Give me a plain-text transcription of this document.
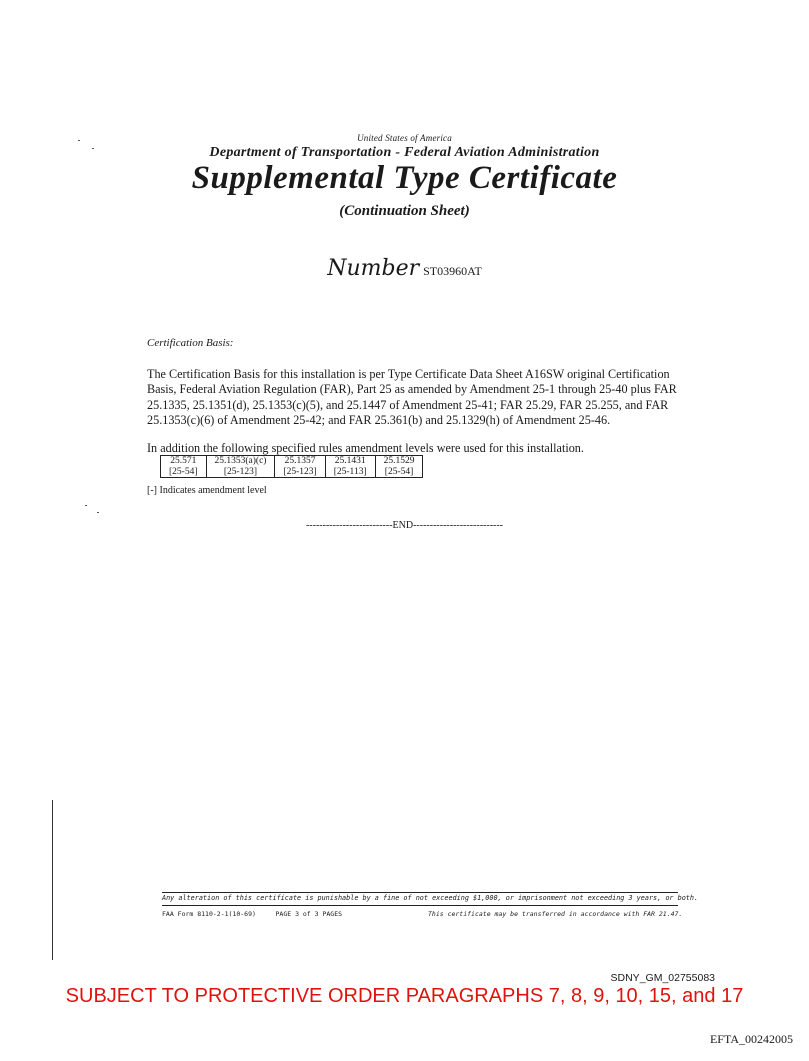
United States of America
Department of Transportation - Federal Aviation Administration
Supplemental Type Certificate
(Continuation Sheet)
Number ST03960AT
Certification Basis:
The Certification Basis for this installation is per Type Certificate Data Sheet A16SW original Certification Basis, Federal Aviation Regulation (FAR), Part 25 as amended by Amendment 25-1 through 25-40 plus FAR 25.1335, 25.1351(d), 25.1353(c)(5), and 25.1447 of Amendment 25-41; FAR 25.29, FAR 25.255, and FAR 25.1353(c)(6) of Amendment 25-42; and FAR 25.361(b) and 25.1329(h) of Amendment 25-46.
In addition the following specified rules amendment levels were used for this installation.
25.571	25.1353(a)(c)	25.1357	25.1431	25.1529
[25-54]	[25-123]	[25-123]	[25-113]	[25-54]
[-] Indicates amendment level
--------------------------END---------------------------
Any alteration of this certificate is punishable by a fine of not exceeding $1,000, or imprisonment not exceeding 3 years, or both.
FAA Form 8110-2-1(10-69)	PAGE 3 of 3 PAGES	This certificate may be transferred in accordance with FAR 21.47.
SDNY_GM_02755083
SUBJECT TO PROTECTIVE ORDER PARAGRAPHS 7, 8, 9, 10, 15, and 17
EFTA_00242005
